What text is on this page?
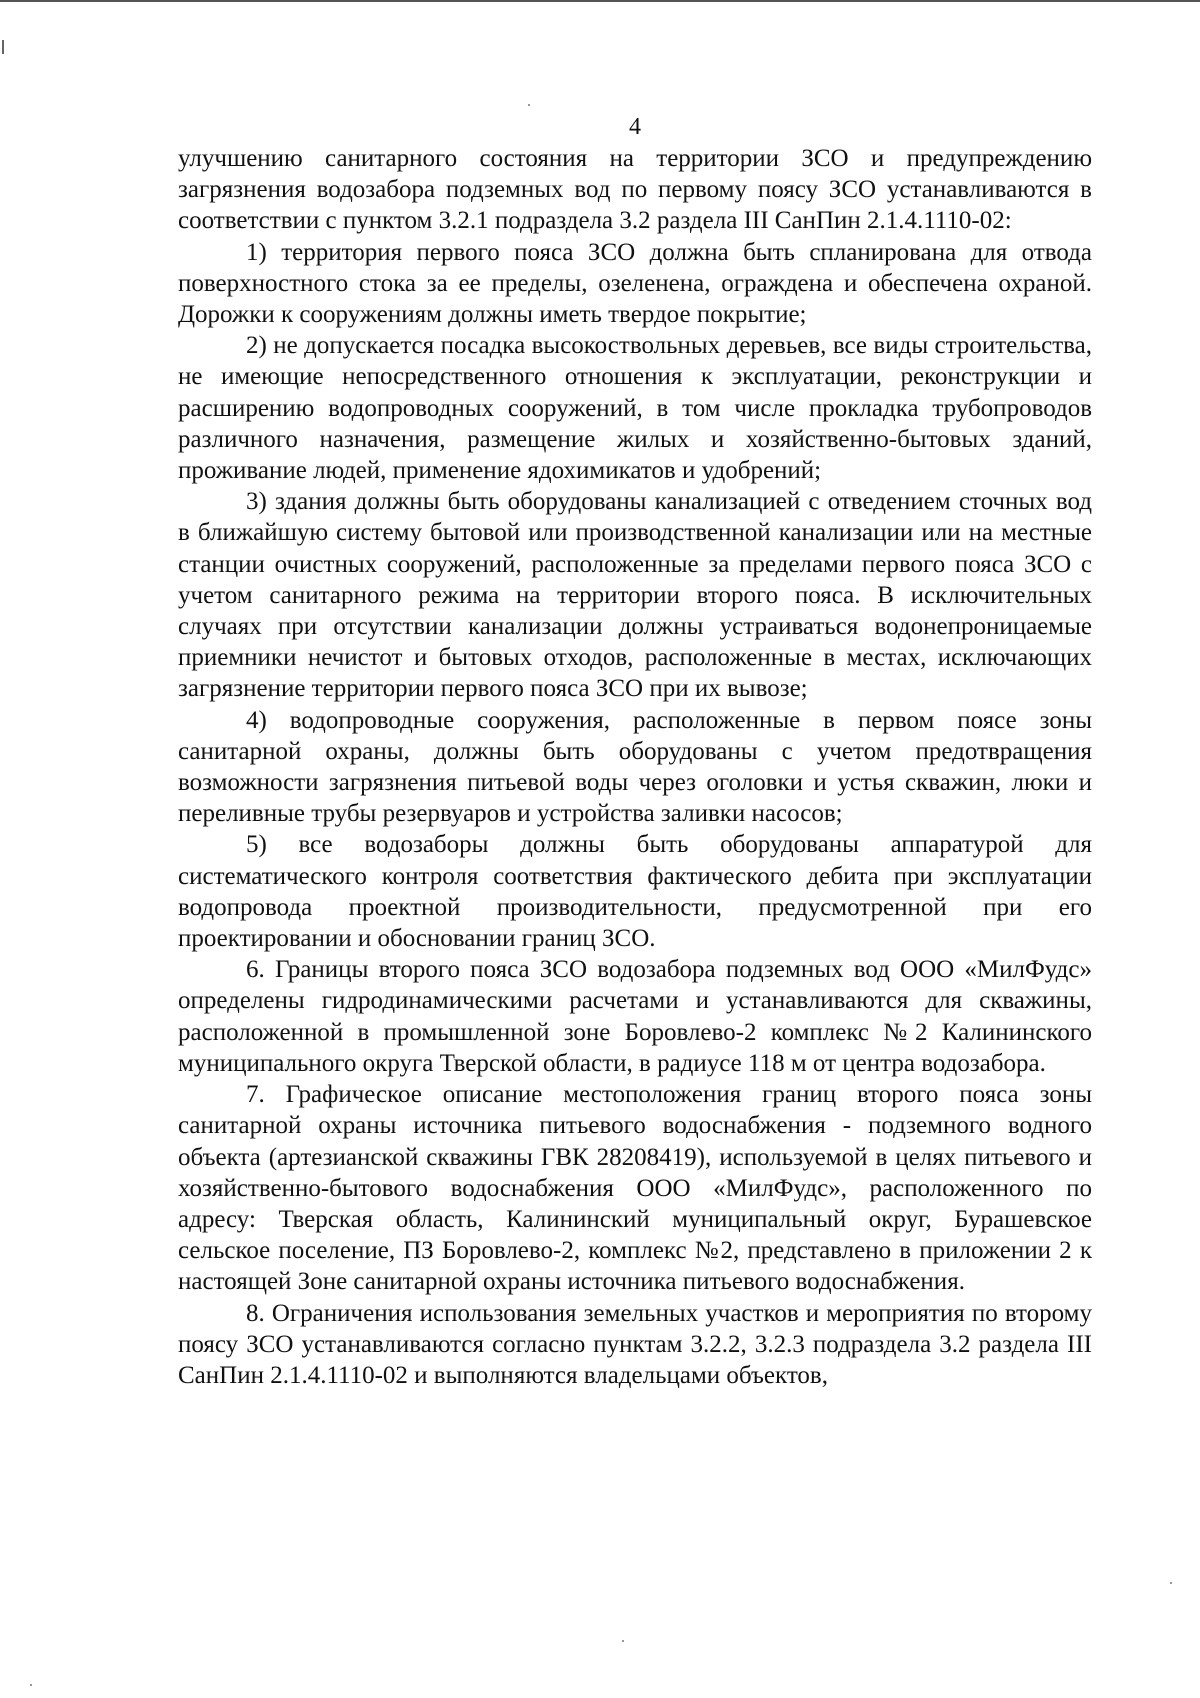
4

улучшению санитарного состояния на территории ЗСО и предупреждению загрязнения водозабора подземных вод по первому поясу ЗСО устанавливаются в соответствии с пунктом 3.2.1 подраздела 3.2 раздела III СанПин 2.1.4.1110-02:

1) территория первого пояса ЗСО должна быть спланирована для отвода поверхностного стока за ее пределы, озеленена, ограждена и обеспечена охраной. Дорожки к сооружениям должны иметь твердое покрытие;

2) не допускается посадка высокоствольных деревьев, все виды строительства, не имеющие непосредственного отношения к эксплуатации, реконструкции и расширению водопроводных сооружений, в том числе прокладка трубопроводов различного назначения, размещение жилых и хозяйственно-бытовых зданий, проживание людей, применение ядохимикатов и удобрений;

3) здания должны быть оборудованы канализацией с отведением сточных вод в ближайшую систему бытовой или производственной канализации или на местные станции очистных сооружений, расположенные за пределами первого пояса ЗСО с учетом санитарного режима на территории второго пояса. В исключительных случаях при отсутствии канализации должны устраиваться водонепроницаемые приемники нечистот и бытовых отходов, расположенные в местах, исключающих загрязнение территории первого пояса ЗСО при их вывозе;

4) водопроводные сооружения, расположенные в первом поясе зоны санитарной охраны, должны быть оборудованы с учетом предотвращения возможности загрязнения питьевой воды через оголовки и устья скважин, люки и переливные трубы резервуаров и устройства заливки насосов;

5) все водозаборы должны быть оборудованы аппаратурой для систематического контроля соответствия фактического дебита при эксплуатации водопровода проектной производительности, предусмотренной при его проектировании и обосновании границ ЗСО.

6. Границы второго пояса ЗСО водозабора подземных вод ООО «МилФудс» определены гидродинамическими расчетами и устанавливаются для скважины, расположенной в промышленной зоне Боровлево-2 комплекс №2 Калининского муниципального округа Тверской области, в радиусе 118 м от центра водозабора.

7. Графическое описание местоположения границ второго пояса зоны санитарной охраны источника питьевого водоснабжения - подземного водного объекта (артезианской скважины ГВК 28208419), используемой в целях питьевого и хозяйственно-бытового водоснабжения ООО «МилФудс», расположенного по адресу: Тверская область, Калининский муниципальный округ, Бурашевское сельское поселение, ПЗ Боровлево-2, комплекс №2, представлено в приложении 2 к настоящей Зоне санитарной охраны источника питьевого водоснабжения.

8. Ограничения использования земельных участков и мероприятия по второму поясу ЗСО устанавливаются согласно пунктам 3.2.2, 3.2.3 подраздела 3.2 раздела III СанПин 2.1.4.1110-02 и выполняются владельцами объектов,
